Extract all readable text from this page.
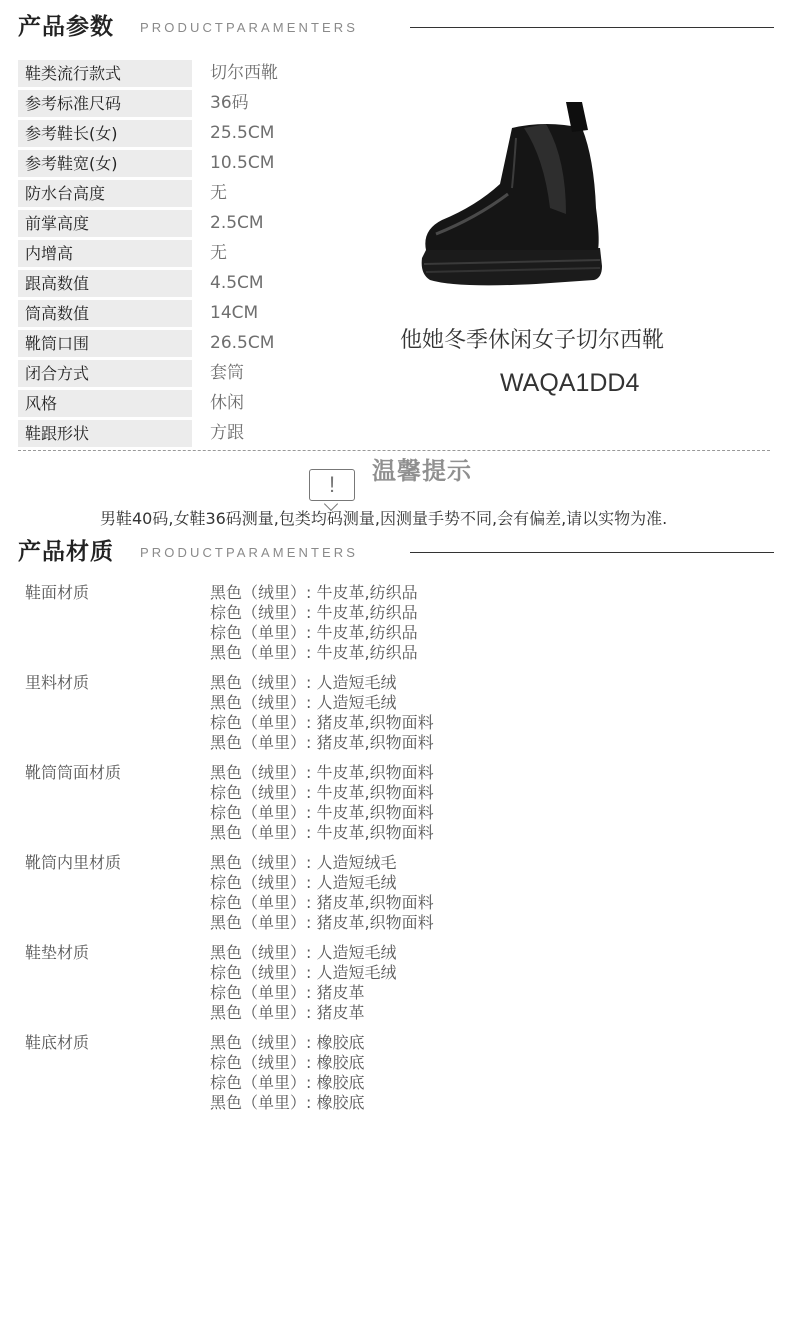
产品参数 PRODUCTPARAMENTERS
鞋类流行款式	切尔西靴
参考标准尺码	36码
参考鞋长(女)	25.5CM
参考鞋宽(女)	10.5CM
防水台高度	无
前掌高度	2.5CM
内增高	无
跟高数值	4.5CM
筒高数值	14CM
靴筒口围	26.5CM
闭合方式	套筒
风格	休闲
鞋跟形状	方跟
他她冬季休闲女子切尔西靴
WAQA1DD4
!	温馨提示
男鞋40码,女鞋36码测量,包类均码测量,因测量手势不同,会有偏差,请以实物为准.
产品材质 PRODUCTPARAMENTERS
鞋面材质	黑色（绒里）: 牛皮革,纺织品
棕色（绒里）: 牛皮革,纺织品
棕色（单里）: 牛皮革,纺织品
黑色（单里）: 牛皮革,纺织品
里料材质	黑色（绒里）: 人造短毛绒
黑色（绒里）: 人造短毛绒
棕色（单里）: 猪皮革,织物面料
黑色（单里）: 猪皮革,织物面料
靴筒筒面材质	黑色（绒里）: 牛皮革,织物面料
棕色（绒里）: 牛皮革,织物面料
棕色（单里）: 牛皮革,织物面料
黑色（单里）: 牛皮革,织物面料
靴筒内里材质	黑色（绒里）: 人造短绒毛
棕色（绒里）: 人造短毛绒
棕色（单里）: 猪皮革,织物面料
黑色（单里）: 猪皮革,织物面料
鞋垫材质	黑色（绒里）: 人造短毛绒
棕色（绒里）: 人造短毛绒
棕色（单里）: 猪皮革
黑色（单里）: 猪皮革
鞋底材质	黑色（绒里）: 橡胶底
棕色（绒里）: 橡胶底
棕色（单里）: 橡胶底
黑色（单里）: 橡胶底
